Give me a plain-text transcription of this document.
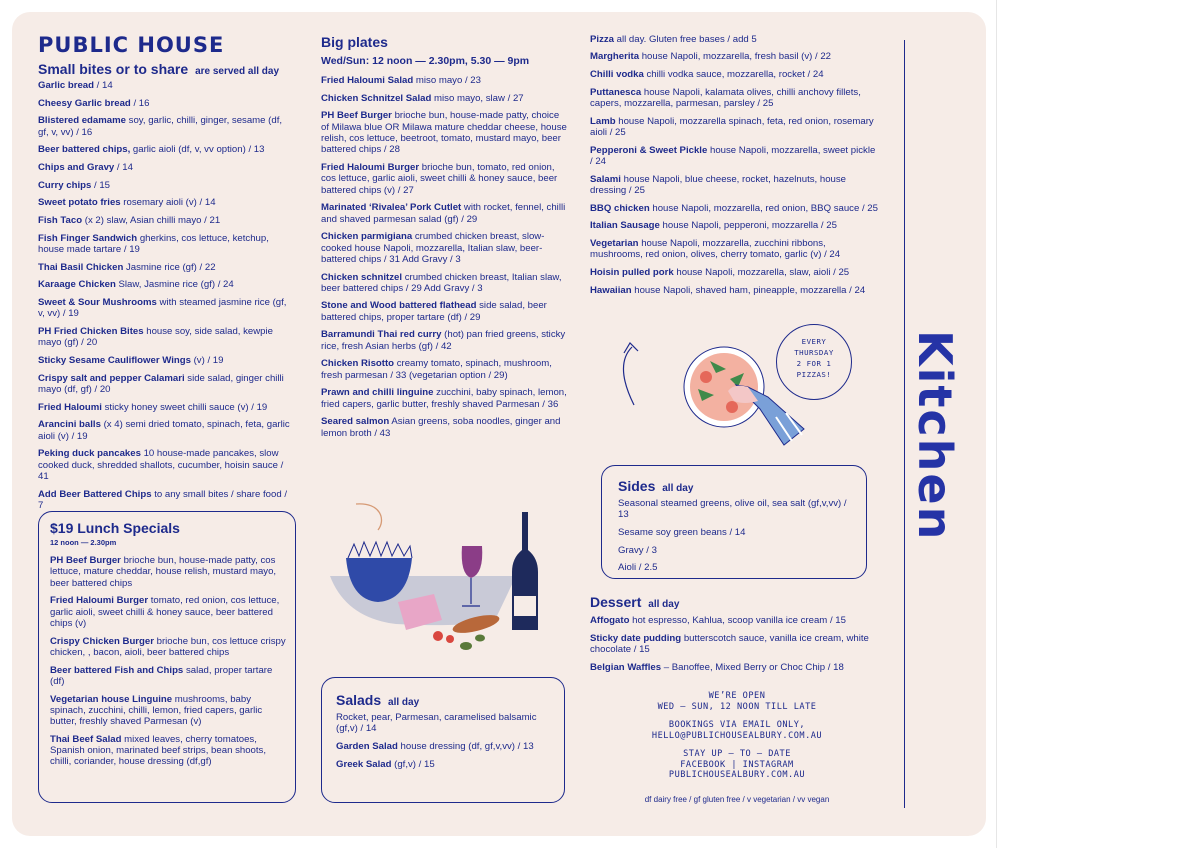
PUBLIC HOUSE
Small bites or to share are served all day
Garlic bread / 14
Cheesy Garlic bread / 16
Blistered edamame soy, garlic, chilli, ginger, sesame (df, gf, v, vv) / 16
Beer battered chips, garlic aioli (df, v, vv option) / 13
Chips and Gravy / 14
Curry chips / 15
Sweet potato fries rosemary aioli (v) / 14
Fish Taco (x 2) slaw, Asian chilli mayo / 21
Fish Finger Sandwich gherkins, cos lettuce, ketchup, house made tartare / 19
Thai Basil Chicken Jasmine rice (gf) / 22
Karaage Chicken Slaw, Jasmine rice (gf) / 24
Sweet & Sour Mushrooms with steamed jasmine rice (gf, v, vv) / 19
PH Fried Chicken Bites house soy, side salad, kewpie mayo (gf) / 20
Sticky Sesame Cauliflower Wings (v) / 19
Crispy salt and pepper Calamari side salad, ginger chilli mayo (df, gf) / 20
Fried Haloumi sticky honey sweet chilli sauce (v) / 19
Arancini balls (x 4) semi dried tomato, spinach, feta, garlic aioli (v) / 19
Peking duck pancakes 10 house-made pancakes, slow cooked duck, shredded shallots, cucumber, hoisin sauce / 41
Add Beer Battered Chips to any small bites / share food / 7
$19 Lunch Specials
12 noon — 2.30pm
PH Beef Burger brioche bun, house-made patty, cos lettuce, mature cheddar, house relish, mustard mayo, beer battered chips
Fried Haloumi Burger tomato, red onion, cos lettuce, garlic aioli, sweet chilli & honey sauce, beer battered chips (v)
Crispy Chicken Burger brioche bun, cos lettuce crispy chicken, , bacon, aioli, beer battered chips
Beer battered Fish and Chips salad, proper tartare (df)
Vegetarian house Linguine mushrooms, baby spinach, zucchini, chilli, lemon, fried capers, garlic butter, freshly shaved Parmesan (v)
Thai Beef Salad mixed leaves, cherry tomatoes, Spanish onion, marinated beef strips, bean shoots, chilli, coriander, house dressing (df,gf)
Big plates
Wed/Sun: 12 noon — 2.30pm, 5.30 — 9pm
Fried Haloumi Salad miso mayo / 23
Chicken Schnitzel Salad miso mayo, slaw / 27
PH Beef Burger brioche bun, house-made patty, choice of Milawa blue OR Milawa mature cheddar cheese, house relish, cos lettuce, beetroot, tomato, mustard mayo, beer battered chips / 28
Fried Haloumi Burger brioche bun, tomato, red onion, cos lettuce, garlic aioli, sweet chilli & honey sauce, beer battered chips (v) / 27
Marinated ‘Rivalea’ Pork Cutlet with rocket, fennel, chilli and shaved parmesan salad (gf) / 29
Chicken parmigiana crumbed chicken breast, slow-cooked house Napoli, mozzarella, Italian slaw, beer-battered chips / 31 Add Gravy / 3
Chicken schnitzel crumbed chicken breast, Italian slaw, beer battered chips / 29 Add Gravy / 3
Stone and Wood battered flathead side salad, beer battered chips, proper tartare (df) / 29
Barramundi Thai red curry (hot) pan fried greens, sticky rice, fresh Asian herbs (gf) / 42
Chicken Risotto creamy tomato, spinach, mushroom, fresh parmesan / 33 (vegetarian option / 29)
Prawn and chilli linguine zucchini, baby spinach, lemon, fried capers, garlic butter, freshly shaved Parmesan / 36
Seared salmon Asian greens, soba noodles, ginger and lemon broth / 43
Salads all day
Rocket, pear, Parmesan, caramelised balsamic (gf,v) / 14
Garden Salad house dressing (df, gf,v,vv) / 13
Greek Salad (gf,v) / 15
Pizza all day. Gluten free bases / add 5
Margherita house Napoli, mozzarella, fresh basil (v) / 22
Chilli vodka chilli vodka sauce, mozzarella, rocket / 24
Puttanesca house Napoli, kalamata olives, chilli anchovy fillets, capers, mozzarella, parmesan, parsley / 25
Lamb house Napoli, mozzarella spinach, feta, red onion, rosemary aioli / 25
Pepperoni & Sweet Pickle house Napoli, mozzarella, sweet pickle / 24
Salami house Napoli, blue cheese, rocket, hazelnuts, house dressing / 25
BBQ chicken house Napoli, mozzarella, red onion, BBQ sauce / 25
Italian Sausage house Napoli, pepperoni, mozzarella / 25
Vegetarian house Napoli, mozzarella, zucchini ribbons, mushrooms, red onion, olives, cherry tomato, garlic (v) / 24
Hoisin pulled pork house Napoli, mozzarella, slaw, aioli / 25
Hawaiian house Napoli, shaved ham, pineapple, mozzarella / 24
EVERY
THURSDAY
2 FOR 1
PIZZAS!
Sides all day
Seasonal steamed greens, olive oil, sea salt (gf,v,vv) / 13
Sesame soy green beans / 14
Gravy / 3
Aioli / 2.5
Dessert all day
Affogato hot espresso, Kahlua, scoop vanilla ice cream / 15
Sticky date pudding butterscotch sauce, vanilla ice cream, white chocolate / 15
Belgian Waffles – Banoffee, Mixed Berry or Choc Chip / 18
WE’RE OPEN
WED — SUN, 12 NOON TILL LATE
BOOKINGS VIA EMAIL ONLY,
HELLO@PUBLICHOUSEALBURY.COM.AU
STAY UP — TO — DATE
FACEBOOK | INSTAGRAM
PUBLICHOUSEALBURY.COM.AU
df dairy free / gf gluten free / v vegetarian / vv vegan
Kitchen
